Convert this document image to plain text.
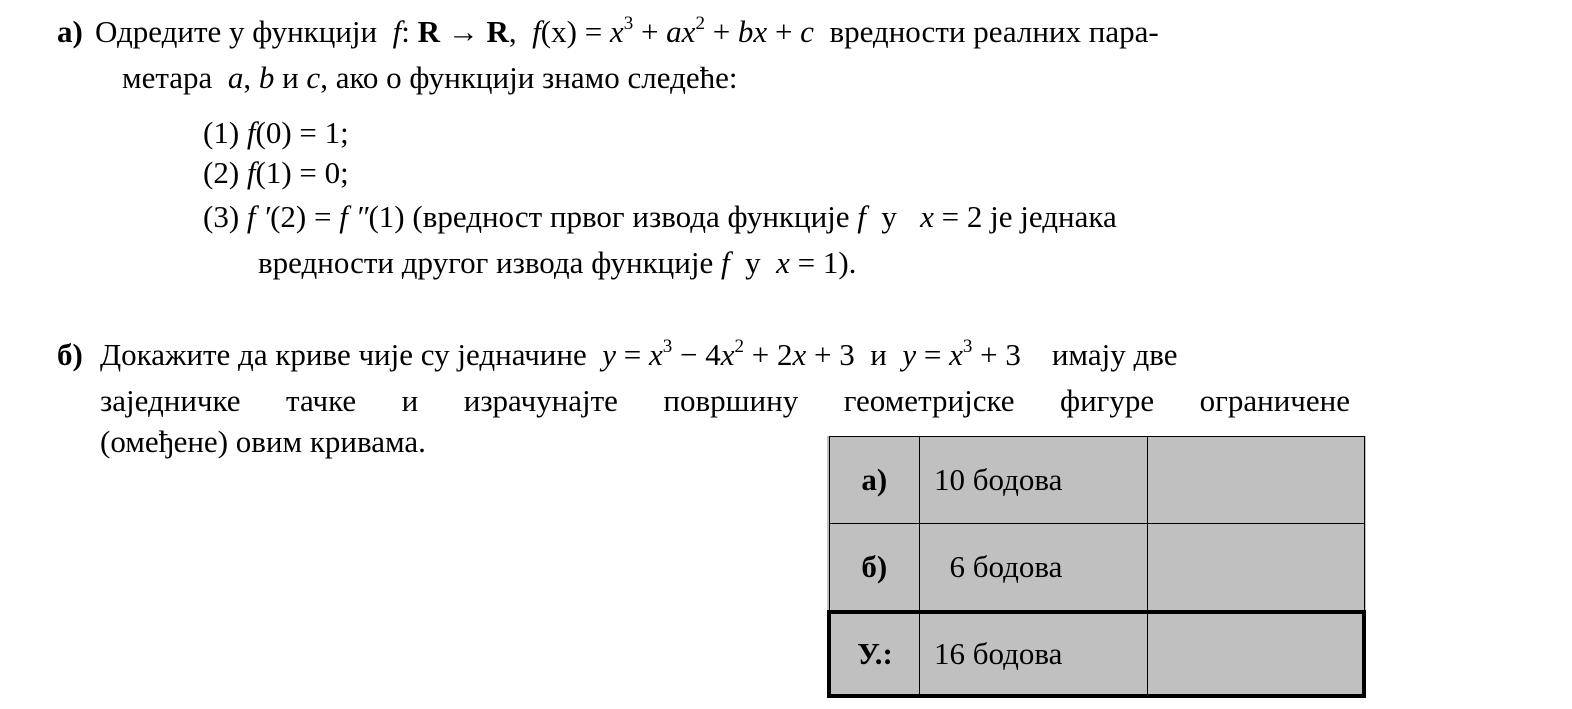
а) Одредите у функцији f: R → R, $f(x) = x^3 + ax^2$ + bx + c вредности реалних пара-
метара a, b и c, ако о функцији знамо следеће:
(1) f(0) = 1;
(2) f(1) = 0;
(3) f ′(2) = f ″(1) (вредност првог извода функције f у x = 2 је једнака
вредности другог извода функције f у x = 1).
б) Докажите да криве чије су једначине $y = x^3 - 4x^2 + 2x + 3$ и $y = x^3 + 3$ имају две
заједничке тачке и израчунајте површину геометријске фигуре ограничене
(омеђене) овим кривама.
а)	10 бодова	
б)	6 бодова	
У.:	16 бодова	
